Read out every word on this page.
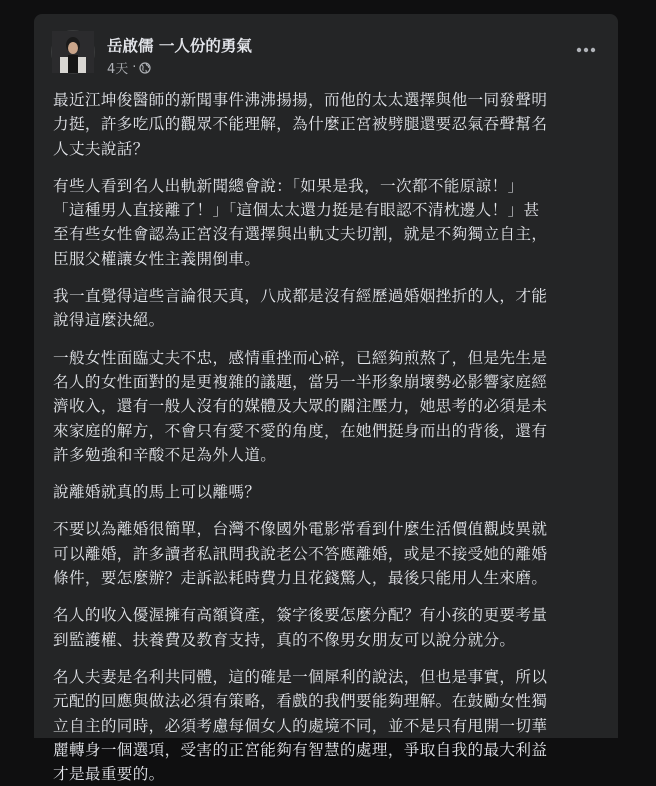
岳啟儒 一人份的勇氣
4天 ·

最近江坤俊醫師的新聞事件沸沸揚揚，而他的太太選擇與他一同發聲明
力挺，許多吃瓜的觀眾不能理解，為什麼正宮被劈腿還要忍氣吞聲幫名
人丈夫說話？

有些人看到名人出軌新聞總會說：「如果是我，一次都不能原諒！」
「這種男人直接離了！」「這個太太還力挺是有眼認不清枕邊人！」甚
至有些女性會認為正宮沒有選擇與出軌丈夫切割，就是不夠獨立自主，
臣服父權讓女性主義開倒車。

我一直覺得這些言論很天真，八成都是沒有經歷過婚姻挫折的人，才能
說得這麼決絕。

一般女性面臨丈夫不忠，感情重挫而心碎，已經夠煎熬了，但是先生是
名人的女性面對的是更複雜的議題，當另一半形象崩壞勢必影響家庭經
濟收入，還有一般人沒有的媒體及大眾的關注壓力，她思考的必須是未
來家庭的解方，不會只有愛不愛的角度，在她們挺身而出的背後，還有
許多勉強和辛酸不足為外人道。

說離婚就真的馬上可以離嗎？

不要以為離婚很簡單，台灣不像國外電影常看到什麼生活價值觀歧異就
可以離婚，許多讀者私訊問我說老公不答應離婚，或是不接受她的離婚
條件，要怎麼辦？走訴訟耗時費力且花錢驚人，最後只能用人生來磨。

名人的收入優渥擁有高額資產，簽字後要怎麼分配？有小孩的更要考量
到監護權、扶養費及教育支持，真的不像男女朋友可以說分就分。

名人夫妻是名利共同體，這的確是一個犀利的說法，但也是事實，所以
元配的回應與做法必須有策略，看戲的我們要能夠理解。在鼓勵女性獨
立自主的同時，必須考慮每個女人的處境不同，並不是只有甩開一切華
麗轉身一個選項，受害的正宮能夠有智慧的處理，爭取自我的最大利益
才是最重要的。
